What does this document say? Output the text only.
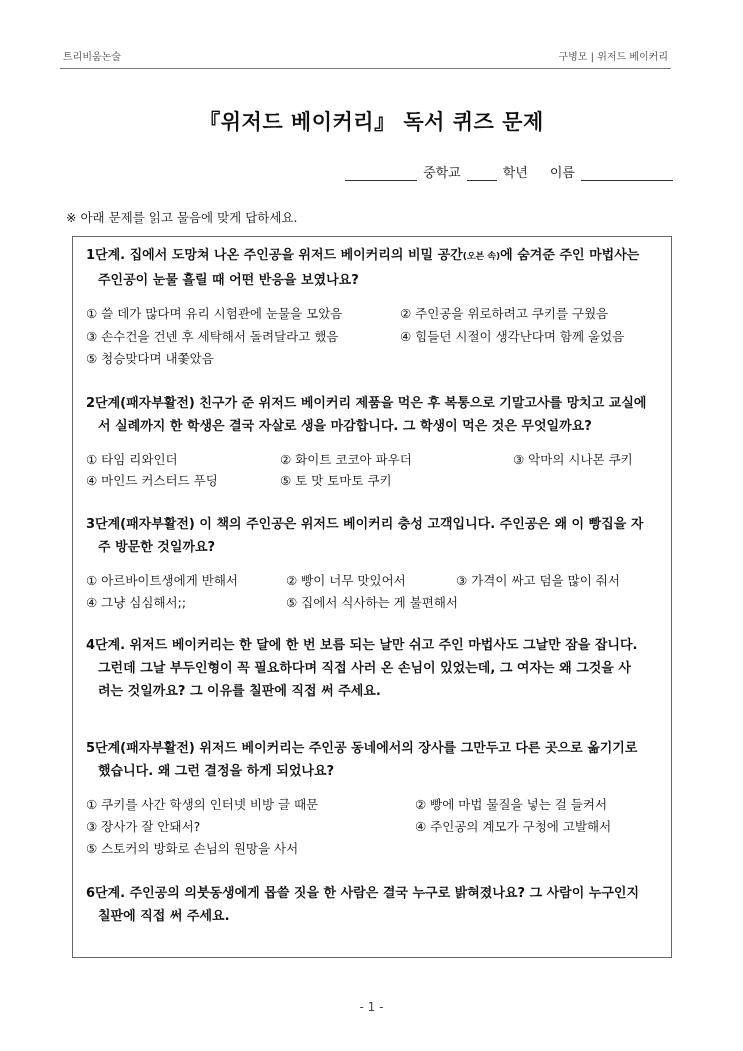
트리비움논술	구병모 | 위저드 베이커리
『위저드 베이커리』 독서 퀴즈 문제
중학교	학년 이름
※ 아래 문제를 읽고 물음에 맞게 답하세요.
1단계. 집에서 도망쳐 나온 주인공을 위저드 베이커리의 비밀 공간(오븐 속)에 숨겨준 주인 마법사는
주인공이 눈물 흘릴 때 어떤 반응을 보였나요?
① 쓸 데가 많다며 유리 시험관에 눈물을 모았음	② 주인공을 위로하려고 쿠키를 구웠음
③ 손수건을 건넨 후 세탁해서 돌려달라고 했음	④ 힘들던 시절이 생각난다며 함께 울었음
⑤ 청승맞다며 내쫓았음
2단계(패자부활전) 친구가 준 위저드 베이커리 제품을 먹은 후 복통으로 기말고사를 망치고 교실에
서 실례까지 한 학생은 결국 자살로 생을 마감합니다. 그 학생이 먹은 것은 무엇일까요?
① 타임 리와인더	② 화이트 코코아 파우더	③ 악마의 시나몬 쿠키
④ 마인드 커스터드 푸딩	⑤ 토 맛 토마토 쿠키
3단계(패자부활전) 이 책의 주인공은 위저드 베이커리 충성 고객입니다. 주인공은 왜 이 빵집을 자
주 방문한 것일까요?
① 아르바이트생에게 반해서	② 빵이 너무 맛있어서	③ 가격이 싸고 덤을 많이 줘서
④ 그냥 심심해서;;	⑤ 집에서 식사하는 게 불편해서
4단계. 위저드 베이커리는 한 달에 한 번 보름 되는 날만 쉬고 주인 마법사도 그날만 잠을 잡니다.
그런데 그날 부두인형이 꼭 필요하다며 직접 사러 온 손님이 있었는데, 그 여자는 왜 그것을 사
려는 것일까요? 그 이유를 칠판에 직접 써 주세요.
5단계(패자부활전) 위저드 베이커리는 주인공 동네에서의 장사를 그만두고 다른 곳으로 옮기기로
했습니다. 왜 그런 결정을 하게 되었나요?
① 쿠키를 사간 학생의 인터넷 비방 글 때문	② 빵에 마법 물질을 넣는 걸 들켜서
③ 장사가 잘 안돼서?	④ 주인공의 계모가 구청에 고발해서
⑤ 스토커의 방화로 손님의 원망을 사서
6단계. 주인공의 의붓동생에게 몹쓸 짓을 한 사람은 결국 누구로 밝혀졌나요? 그 사람이 누구인지
칠판에 직접 써 주세요.
- 1 -
